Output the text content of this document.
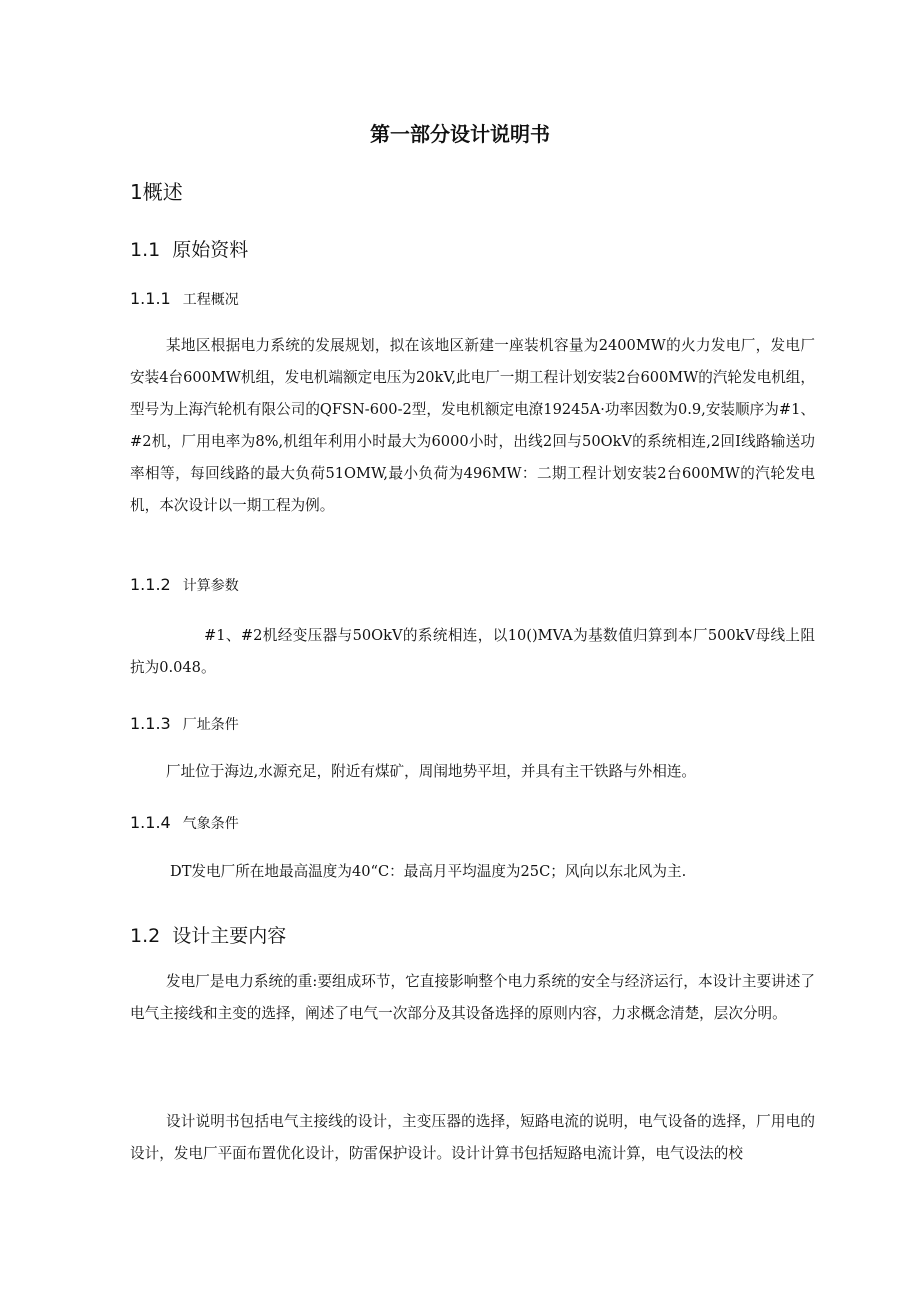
第一部分设计说明书
1概述
1.1 原始资料
1.1.1 工程概况

某地区根据电力系统的发展规划，拟在该地区新建一座装机容量为2400MW的火力发电厂，发电厂安装4台600MW机组，发电机端额定电压为20kV,此电厂一期工程计划安装2台600MW的汽轮发电机组，型号为上海汽轮机有限公司的QFSN-600-2型，发电机额定电潦19245A·功率因数为0.9,安装顺序为#1、#2机，厂用电率为8%,机组年利用小时最大为6000小时，出线2回与50OkV的系统相连,2回I线路输送功率相等，每回线路的最大负荷51OMW,最小负荷为496MW：二期工程计划安装2台600MW的汽轮发电机，本次设计以一期工程为例。

1.1.2 计算参数

#1、#2机经变压器与50OkV的系统相连，以10()MVA为基数值归算到本厂500kV母线上阻抗为0.048。

1.1.3 厂址条件

厂址位于海边,水源充足，附近有煤矿，周闱地势平坦，并具有主干铁路与外相连。

1.1.4 气象条件

DT发电厂所在地最高温度为40“C：最高月平均温度为25C；风向以东北风为主.

1.2 设计主要内容

发电厂是电力系统的重:要组成环节，它直接影响整个电力系统的安全与经济运行，本设计主要讲述了电气主接线和主变的选择，阐述了电气一次部分及其设备选择的原则内容，力求概念清楚，层次分明。

设计说明书包括电气主接线的设计，主变压器的选择，短路电流的说明，电气设备的选择，厂用电的设计，发电厂平面布置优化设计，防雷保护设计。设计计算书包括短路电流计算，电气设法的校
